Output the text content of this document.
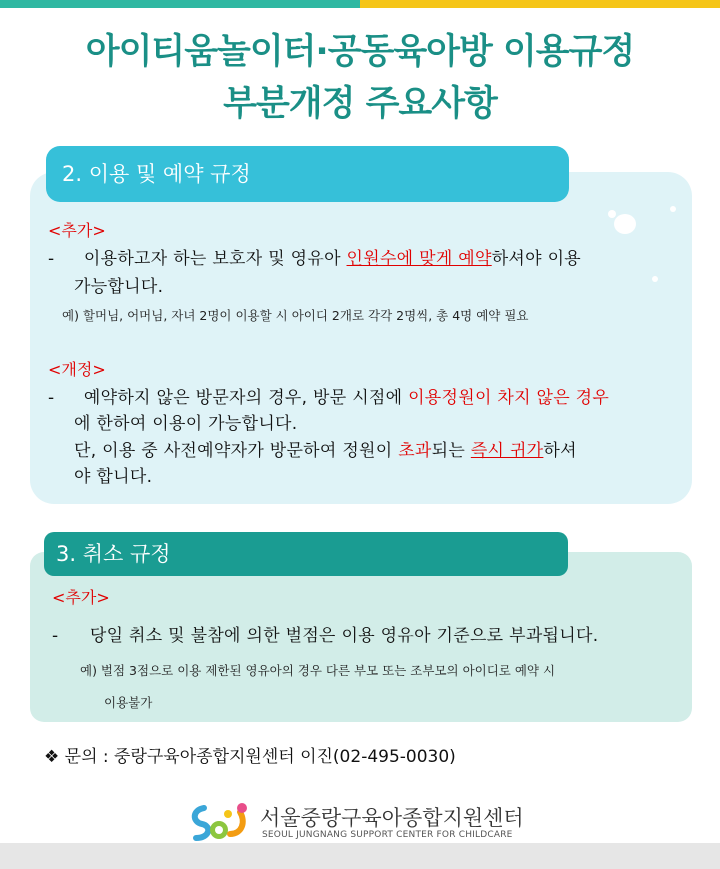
아이티움놀이터·공동육아방 이용규정
부분개정 주요사항
2. 이용 및 예약 규정
<추가>
- 이용하고자 하는 보호자 및 영유아 인원수에 맞게 예약하셔야 이용
가능합니다.
예) 할머님, 어머님, 자녀 2명이 이용할 시 아이디 2개로 각각 2명씩, 총 4명 예약 필요
<개정>
- 예약하지 않은 방문자의 경우, 방문 시점에 이용정원이 차지 않은 경우
에 한하여 이용이 가능합니다.
단, 이용 중 사전예약자가 방문하여 정원이 초과되는 즉시 귀가하셔
야 합니다.
3. 취소 규정
<추가>
- 당일 취소 및 불참에 의한 벌점은 이용 영유아 기준으로 부과됩니다.
예) 벌점 3점으로 이용 제한된 영유아의 경우 다른 부모 또는 조부모의 아이디로 예약 시
이용불가
❖ 문의 : 중랑구육아종합지원센터 이진(02-495-0030)
서울중랑구육아종합지원센터
SEOUL JUNGNANG SUPPORT CENTER FOR CHILDCARE
